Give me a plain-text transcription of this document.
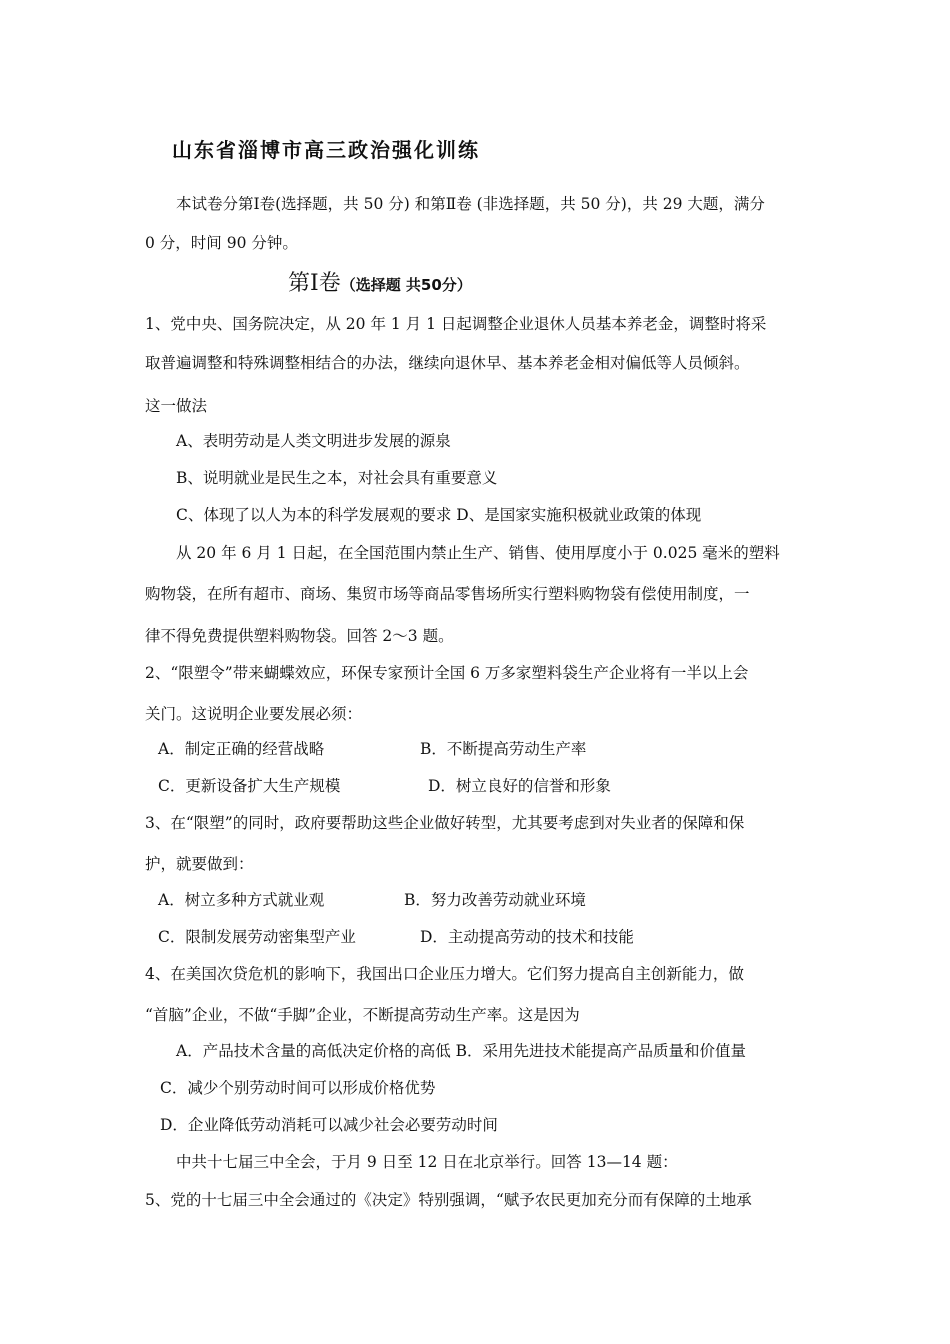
山东省淄博市高三政治强化训练
本试卷分第Ⅰ卷(选择题，共 50 分) 和第Ⅱ卷 (非选择题，共 50 分)，共 29 大题，满分
0 分，时间 90 分钟。
第Ⅰ卷（选择题 共50分）
1、党中央、国务院决定，从 20 年 1 月 1 日起调整企业退休人员基本养老金，调整时将采
取普遍调整和特殊调整相结合的办法，继续向退休早、基本养老金相对偏低等人员倾斜。
这一做法
A、表明劳动是人类文明进步发展的源泉
B、说明就业是民生之本，对社会具有重要意义
C、体现了以人为本的科学发展观的要求 D、是国家实施积极就业政策的体现
从 20 年 6 月 1 日起，在全国范围内禁止生产、销售、使用厚度小于 0.025 毫米的塑料
购物袋，在所有超市、商场、集贸市场等商品零售场所实行塑料购物袋有偿使用制度，一
律不得免费提供塑料购物袋。回答 2～3 题。
2、“限塑令”带来蝴蝶效应，环保专家预计全国 6 万多家塑料袋生产企业将有一半以上会
关门。这说明企业要发展必须：
A．制定正确的经营战略	B．不断提高劳动生产率
C．更新设备扩大生产规模	D．树立良好的信誉和形象
3、在“限塑”的同时，政府要帮助这些企业做好转型，尤其要考虑到对失业者的保障和保
护，就要做到：
A．树立多种方式就业观	B．努力改善劳动就业环境
C．限制发展劳动密集型产业	D．主动提高劳动的技术和技能
4、在美国次贷危机的影响下，我国出口企业压力增大。它们努力提高自主创新能力，做
“首脑”企业，不做“手脚”企业，不断提高劳动生产率。这是因为
A．产品技术含量的高低决定价格的高低 B．采用先进技术能提高产品质量和价值量
C．减少个别劳动时间可以形成价格优势
D．企业降低劳动消耗可以减少社会必要劳动时间
中共十七届三中全会，于月 9 日至 12 日在北京举行。回答 13—14 题：
5、党的十七届三中全会通过的《决定》特别强调，“赋予农民更加充分而有保障的土地承
